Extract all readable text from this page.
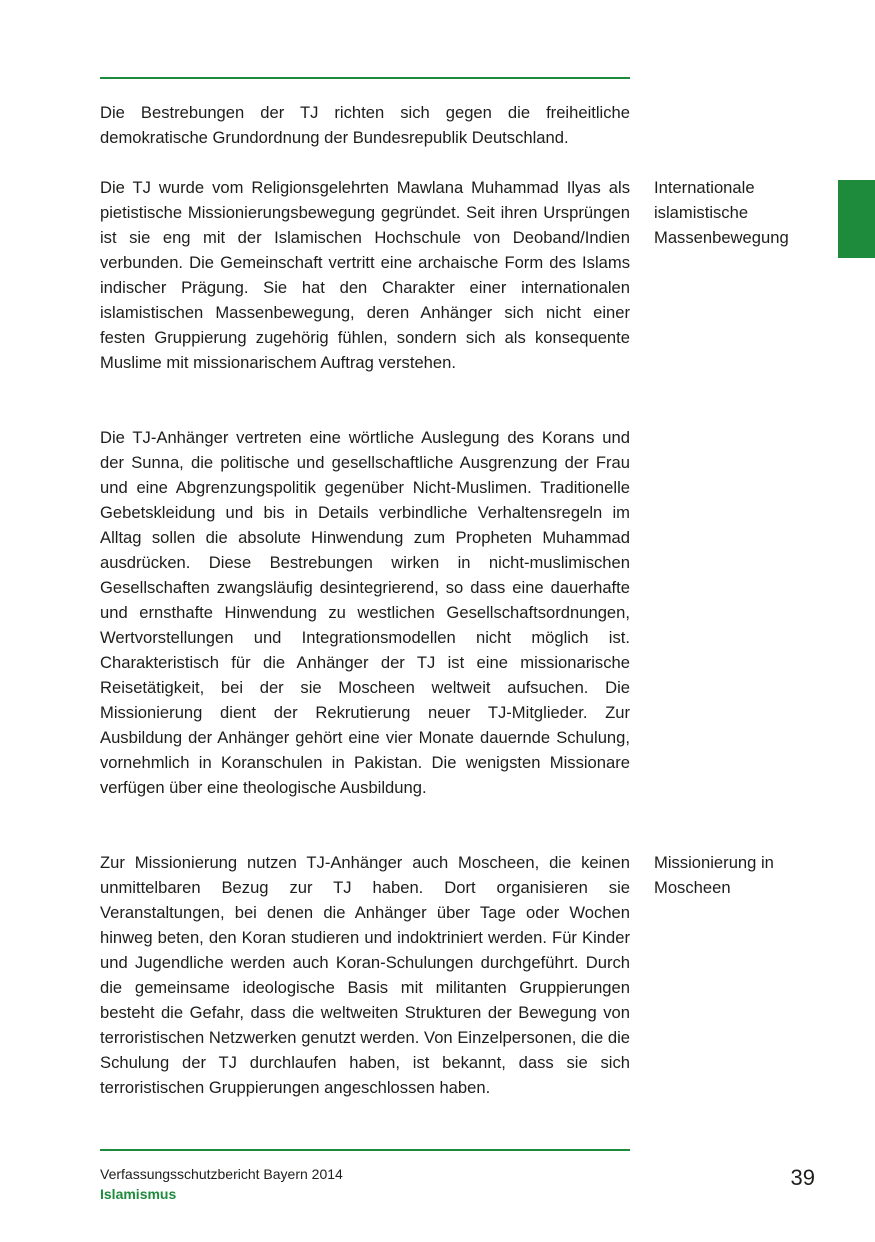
Die Bestrebungen der TJ richten sich gegen die freiheitliche demokratische Grundordnung der Bundesrepublik Deutschland.

Die TJ wurde vom Religionsgelehrten Mawlana Muhammad Ilyas als pietistische Missionierungsbewegung gegründet. Seit ihren Ursprüngen ist sie eng mit der Islamischen Hochschule von Deoband/Indien verbunden. Die Gemeinschaft vertritt eine archaische Form des Islams indischer Prägung. Sie hat den Charakter einer internationalen islamistischen Massenbewegung, deren Anhänger sich nicht einer festen Gruppierung zugehörig fühlen, sondern sich als konsequente Muslime mit missionarischem Auftrag verstehen.

Die TJ-Anhänger vertreten eine wörtliche Auslegung des Korans und der Sunna, die politische und gesellschaftliche Ausgrenzung der Frau und eine Abgrenzungspolitik gegenüber Nicht-Muslimen. Traditionelle Gebetskleidung und bis in Details verbindliche Verhaltensregeln im Alltag sollen die absolute Hinwendung zum Propheten Muhammad ausdrücken. Diese Bestrebungen wirken in nicht-muslimischen Gesellschaften zwangsläufig desintegrierend, so dass eine dauerhafte und ernsthafte Hinwendung zu westlichen Gesellschaftsordnungen, Wertvorstellungen und Integrationsmodellen nicht möglich ist. Charakteristisch für die Anhänger der TJ ist eine missionarische Reisetätigkeit, bei der sie Moscheen weltweit aufsuchen. Die Missionierung dient der Rekrutierung neuer TJ-Mitglieder. Zur Ausbildung der Anhänger gehört eine vier Monate dauernde Schulung, vornehmlich in Koranschulen in Pakistan. Die wenigsten Missionare verfügen über eine theologische Ausbildung.

Zur Missionierung nutzen TJ-Anhänger auch Moscheen, die keinen unmittelbaren Bezug zur TJ haben. Dort organisieren sie Veranstaltungen, bei denen die Anhänger über Tage oder Wochen hinweg beten, den Koran studieren und indoktriniert werden. Für Kinder und Jugendliche werden auch Koran-Schulungen durchgeführt. Durch die gemeinsame ideologische Basis mit militanten Gruppierungen besteht die Gefahr, dass die weltweiten Strukturen der Bewegung von terroristischen Netzwerken genutzt werden. Von Einzelpersonen, die die Schulung der TJ durchlaufen haben, ist bekannt, dass sie sich terroristischen Gruppierungen angeschlossen haben.

Internationale
islamistische
Massenbewegung
Missionierung in
Moscheen
Verfassungsschutzbericht Bayern 2014
Islamismus
39
